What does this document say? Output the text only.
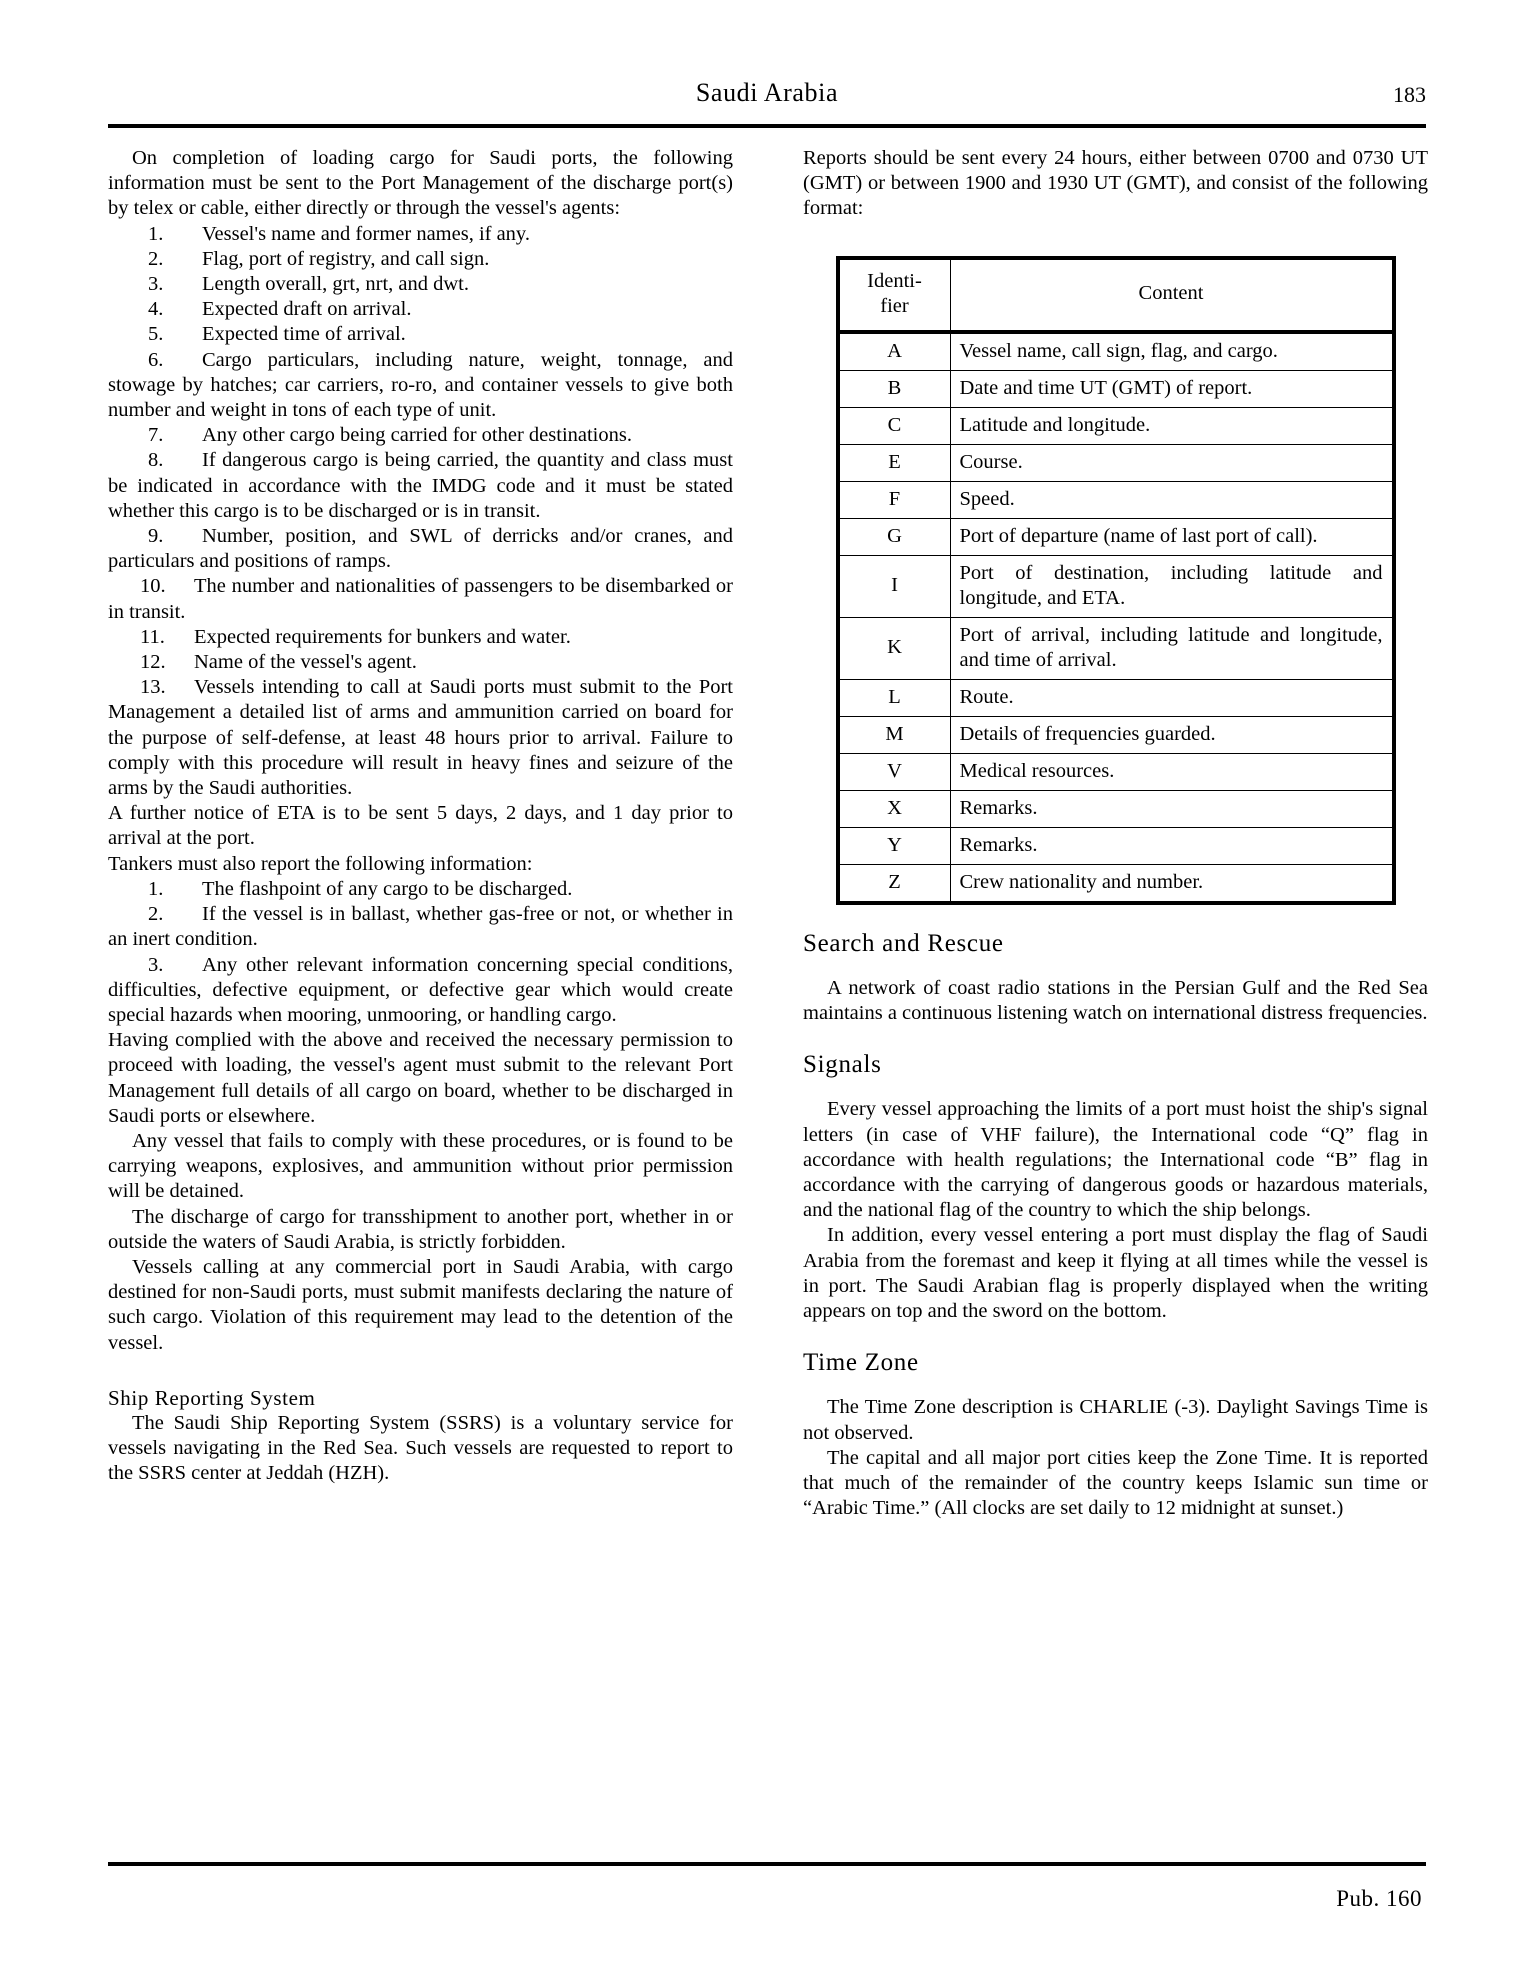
Saudi Arabia	183

On completion of loading cargo for Saudi ports, the following information must be sent to the Port Management of the discharge port(s) by telex or cable, either directly or through the vessel's agents:

1. Vessel's name and former names, if any.
2. Flag, port of registry, and call sign.
3. Length overall, grt, nrt, and dwt.
4. Expected draft on arrival.
5. Expected time of arrival.
6. Cargo particulars, including nature, weight, tonnage, and stowage by hatches; car carriers, ro-ro, and container vessels to give both number and weight in tons of each type of unit.
7. Any other cargo being carried for other destinations.
8. If dangerous cargo is being carried, the quantity and class must be indicated in accordance with the IMDG code and it must be stated whether this cargo is to be discharged or is in transit.
9. Number, position, and SWL of derricks and/or cranes, and particulars and positions of ramps.
10. The number and nationalities of passengers to be disembarked or in transit.
11. Expected requirements for bunkers and water.
12. Name of the vessel's agent.
13. Vessels intending to call at Saudi ports must submit to the Port Management a detailed list of arms and ammunition carried on board for the purpose of self-defense, at least 48 hours prior to arrival. Failure to comply with this procedure will result in heavy fines and seizure of the arms by the Saudi authorities.

A further notice of ETA is to be sent 5 days, 2 days, and 1 day prior to arrival at the port.

Tankers must also report the following information:

1. The flashpoint of any cargo to be discharged.
2. If the vessel is in ballast, whether gas-free or not, or whether in an inert condition.
3. Any other relevant information concerning special conditions, difficulties, defective equipment, or defective gear which would create special hazards when mooring, unmooring, or handling cargo.

Having complied with the above and received the necessary permission to proceed with loading, the vessel's agent must submit to the relevant Port Management full details of all cargo on board, whether to be discharged in Saudi ports or elsewhere.

Any vessel that fails to comply with these procedures, or is found to be carrying weapons, explosives, and ammunition without prior permission will be detained.

The discharge of cargo for transshipment to another port, whether in or outside the waters of Saudi Arabia, is strictly forbidden.

Vessels calling at any commercial port in Saudi Arabia, with cargo destined for non-Saudi ports, must submit manifests declaring the nature of such cargo. Violation of this requirement may lead to the detention of the vessel.

Ship Reporting System

The Saudi Ship Reporting System (SSRS) is a voluntary service for vessels navigating in the Red Sea. Such vessels are requested to report to the SSRS center at Jeddah (HZH).

Reports should be sent every 24 hours, either between 0700 and 0730 UT (GMT) or between 1900 and 1930 UT (GMT), and consist of the following format:

Identi-
fier	Content
A	Vessel name, call sign, flag, and cargo.
B	Date and time UT (GMT) of report.
C	Latitude and longitude.
E	Course.
F	Speed.
G	Port of departure (name of last port of call).
I	Port of destination, including latitude and longitude, and ETA.
K	Port of arrival, including latitude and longitude, and time of arrival.
L	Route.
M	Details of frequencies guarded.
V	Medical resources.
X	Remarks.
Y	Remarks.
Z	Crew nationality and number.
Search and Rescue

A network of coast radio stations in the Persian Gulf and the Red Sea maintains a continuous listening watch on international distress frequencies.

Signals

Every vessel approaching the limits of a port must hoist the ship's signal letters (in case of VHF failure), the International code “Q” flag in accordance with health regulations; the International code “B” flag in accordance with the carrying of dangerous goods or hazardous materials, and the national flag of the country to which the ship belongs.

In addition, every vessel entering a port must display the flag of Saudi Arabia from the foremast and keep it flying at all times while the vessel is in port. The Saudi Arabian flag is properly displayed when the writing appears on top and the sword on the bottom.

Time Zone

The Time Zone description is CHARLIE (-3). Daylight Savings Time is not observed.

The capital and all major port cities keep the Zone Time. It is reported that much of the remainder of the country keeps Islamic sun time or “Arabic Time.” (All clocks are set daily to 12 midnight at sunset.)

Pub. 160
